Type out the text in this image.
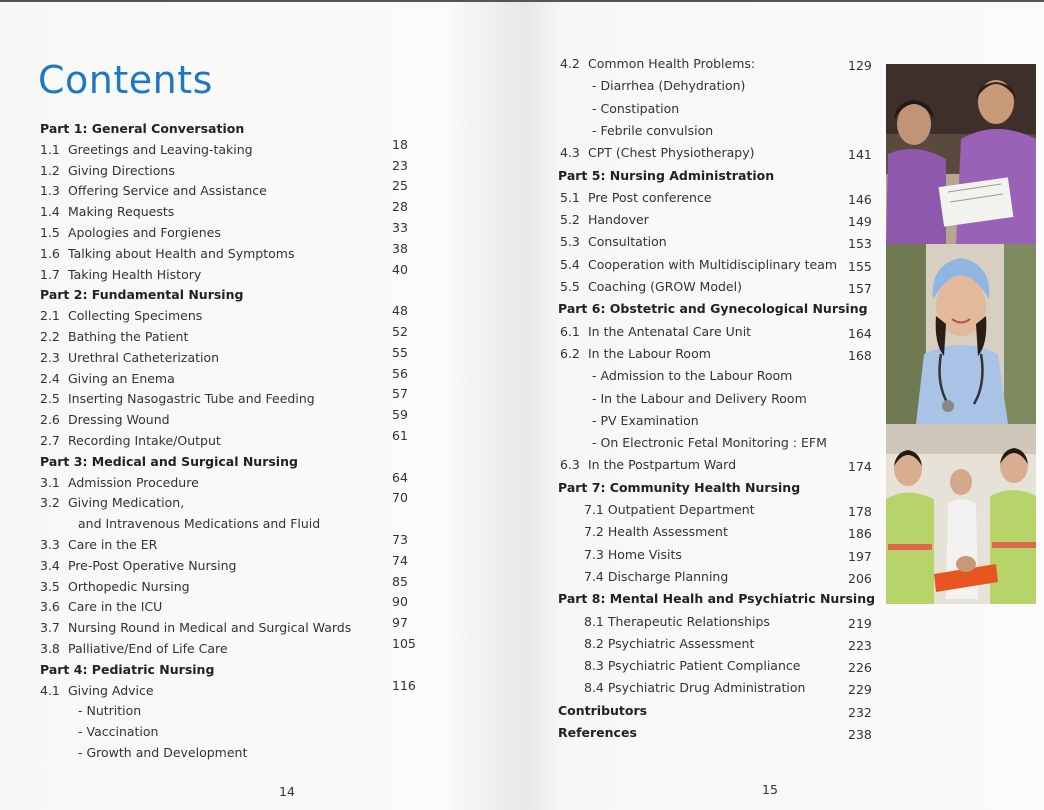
Contents
Part 1: General Conversation
1.1 Greetings and Leaving-taking	18
1.2 Giving Directions	23
1.3 Offering Service and Assistance	25
1.4 Making Requests	28
1.5 Apologies and Forgienes	33
1.6 Talking about Health and Symptoms	38
1.7 Taking Health History	40
Part 2: Fundamental Nursing
2.1 Collecting Specimens	48
2.2 Bathing the Patient	52
2.3 Urethral Catheterization	55
2.4 Giving an Enema	56
2.5 Inserting Nasogastric Tube and Feeding	57
2.6 Dressing Wound	59
2.7 Recording Intake/Output	61
Part 3: Medical and Surgical Nursing
3.1 Admission Procedure	64
3.2 Giving Medication,	70
and Intravenous Medications and Fluid
3.3 Care in the ER	73
3.4 Pre-Post Operative Nursing	74
3.5 Orthopedic Nursing	85
3.6 Care in the ICU	90
3.7 Nursing Round in Medical and Surgical Wards	97
3.8 Palliative/End of Life Care	105
Part 4: Pediatric Nursing
4.1 Giving Advice	116
- Nutrition
- Vaccination
- Growth and Development
14
4.2 Common Health Problems:	129
- Diarrhea (Dehydration)
- Constipation
- Febrile convulsion
4.3 CPT (Chest Physiotherapy)	141
Part 5: Nursing Administration
5.1 Pre Post conference	146
5.2 Handover	149
5.3 Consultation	153
5.4 Cooperation with Multidisciplinary team 155
5.5 Coaching (GROW Model)	157
Part 6: Obstetric and Gynecological Nursing
6.1 In the Antenatal Care Unit	164
6.2 In the Labour Room	168
- Admission to the Labour Room
- In the Labour and Delivery Room
- PV Examination
- On Electronic Fetal Monitoring : EFM
6.3 In the Postpartum Ward	174
Part 7: Community Health Nursing
7.1 Outpatient Department	178
7.2 Health Assessment	186
7.3 Home Visits	197
7.4 Discharge Planning	206
Part 8: Mental Healh and Psychiatric Nursing
8.1 Therapeutic Relationships	219
8.2 Psychiatric Assessment	223
8.3 Psychiatric Patient Compliance	226
8.4 Psychiatric Drug Administration	229
Contributors	232
References	238
15
